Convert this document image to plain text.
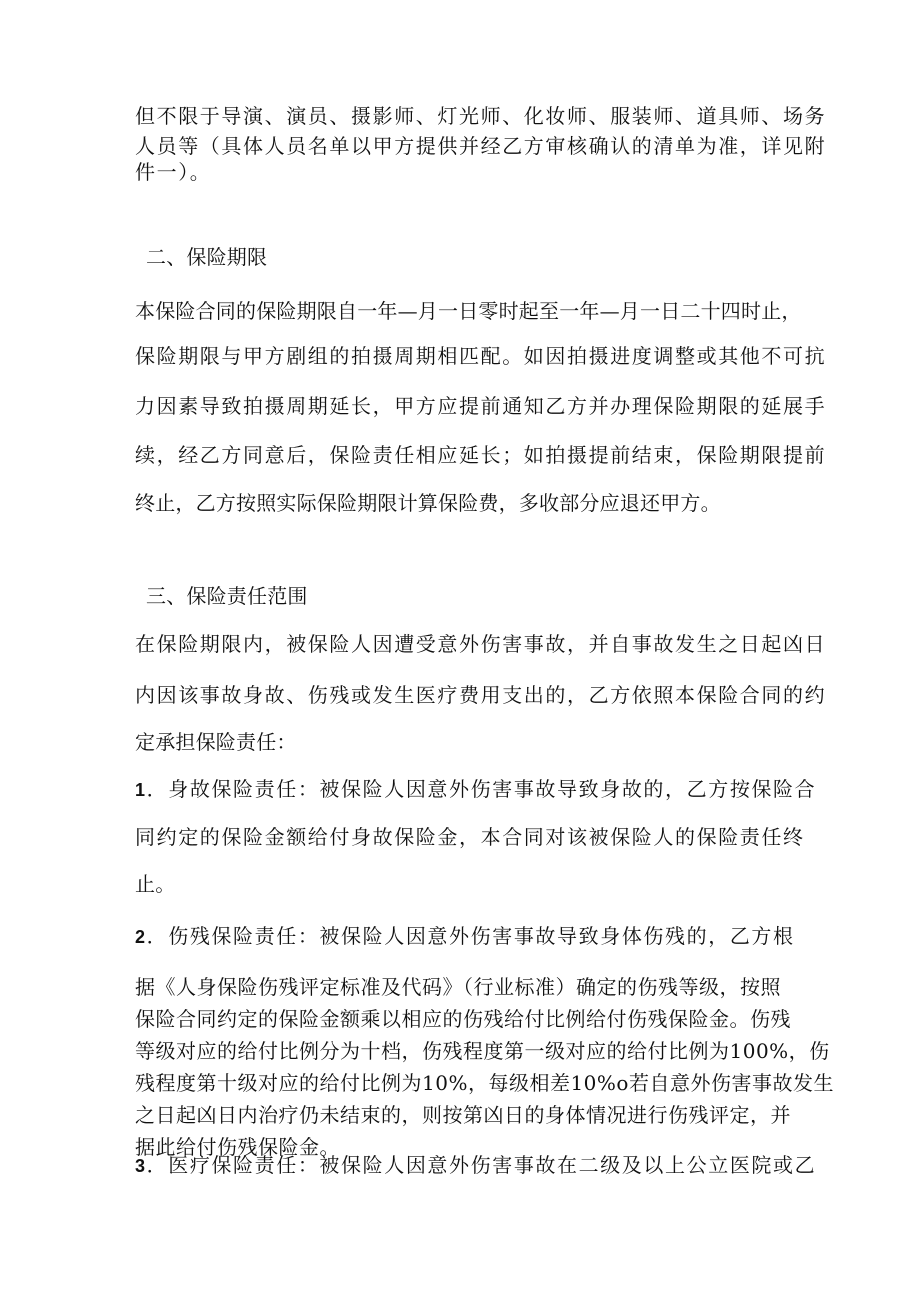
但不限于导演、演员、摄影师、灯光师、化妆师、服装师、道具师、场务
人员等（具体人员名单以甲方提供并经乙方审核确认的清单为准，详见附
件一）。
二、保险期限
本保险合同的保险期限自一年—月一日零时起至一年—月一日二十四时止，
保险期限与甲方剧组的拍摄周期相匹配。如因拍摄进度调整或其他不可抗
力因素导致拍摄周期延长，甲方应提前通知乙方并办理保险期限的延展手
续，经乙方同意后，保险责任相应延长；如拍摄提前结束，保险期限提前
终止，乙方按照实际保险期限计算保险费，多收部分应退还甲方。
三、保险责任范围
在保险期限内，被保险人因遭受意外伤害事故，并自事故发生之日起凶日
内因该事故身故、伤残或发生医疗费用支出的，乙方依照本保险合同的约
定承担保险责任：
1．身故保险责任：被保险人因意外伤害事故导致身故的，乙方按保险合
同约定的保险金额给付身故保险金，本合同对该被保险人的保险责任终
止。
2．伤残保险责任：被保险人因意外伤害事故导致身体伤残的，乙方根
据《人身保险伤残评定标准及代码》（行业标准）确定的伤残等级，按照
保险合同约定的保险金额乘以相应的伤残给付比例给付伤残保险金。伤残
等级对应的给付比例分为十档，伤残程度第一级对应的给付比例为100%，伤
残程度第十级对应的给付比例为10%，每级相差10%o若自意外伤害事故发生
之日起凶日内治疗仍未结束的，则按第凶日的身体情况进行伤残评定，并
据此给付伤残保险金。
3．医疗保险责任：被保险人因意外伤害事故在二级及以上公立医院或乙
